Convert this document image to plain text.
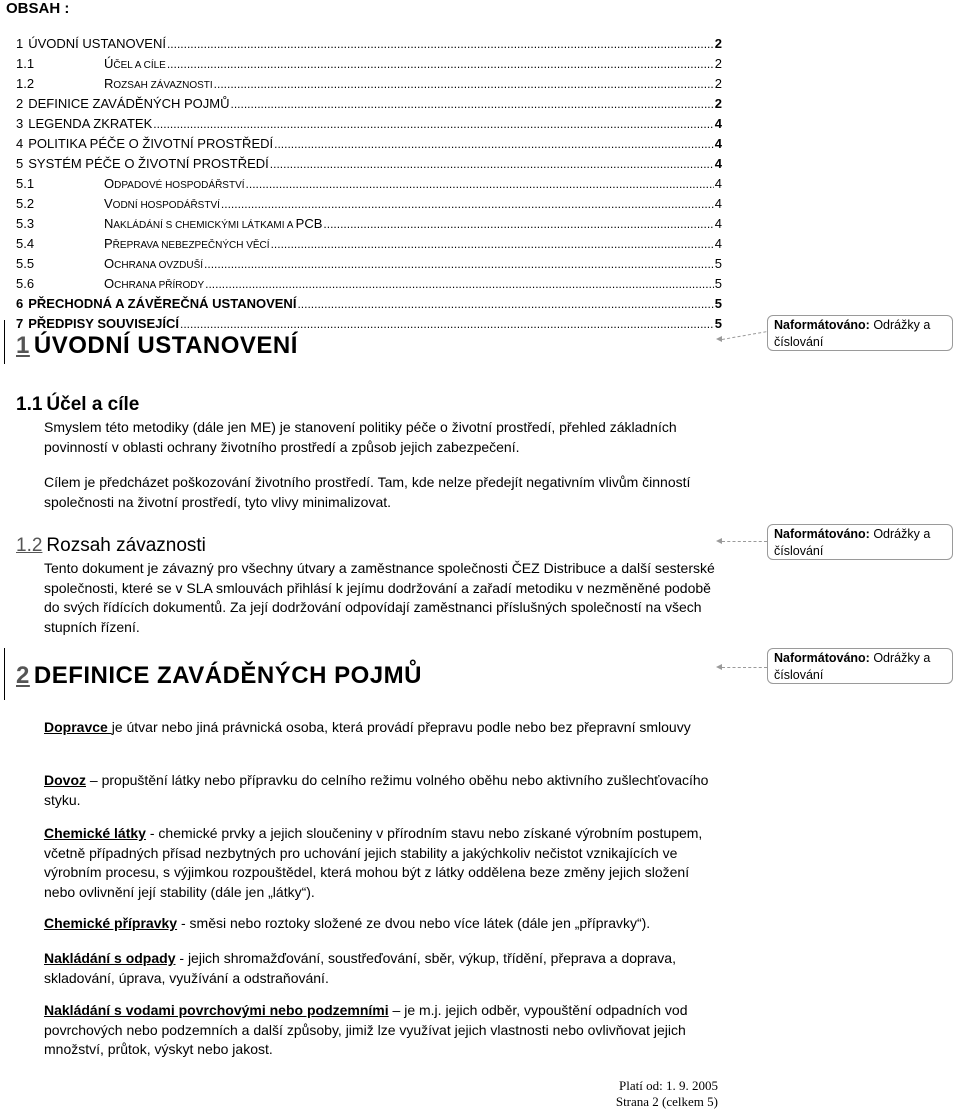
OBSAH :
1 ÚVODNÍ USTANOVENÍ .....	2
1.1	ÚČEL A CÍLE .....	2
1.2	ROZSAH ZÁVAZNOSTI .....	2
2 DEFINICE ZAVÁDĚNÝCH POJMŮ .....	2
3 LEGENDA ZKRATEK .....	4
4 POLITIKA PÉČE O ŽIVOTNÍ PROSTŘEDÍ .....	4
5 SYSTÉM PÉČE O ŽIVOTNÍ PROSTŘEDÍ .....	4
5.1	ODPADOVÉ HOSPODÁŘSTVÍ .....	4
5.2	VODNÍ HOSPODÁŘSTVÍ .....	4
5.3	NAKLÁDÁNÍ S CHEMICKÝMI LÁTKAMI A PCB .....	4
5.4	PŘEPRAVA NEBEZPEČNÝCH VĚCÍ .....	4
5.5	OCHRANA OVZDUŠÍ .....	5
5.6	OCHRANA PŘÍRODY .....	5
6 PŘECHODNÁ A ZÁVĚREČNÁ USTANOVENÍ .....	5
7 PŘEDPISY SOUVISEJÍCÍ .....	5
1 ÚVODNÍ USTANOVENÍ
1.1 Účel a cíle
Smyslem této metodiky (dále jen ME) je stanovení politiky péče o životní prostředí, přehled základních povinností v oblasti ochrany životního prostředí a způsob jejich zabezpečení.
Cílem je předcházet poškozování životního prostředí. Tam, kde nelze předejít negativním vlivům činností společnosti na životní prostředí, tyto vlivy minimalizovat.
1.2 Rozsah závaznosti
Tento dokument je závazný pro všechny útvary a zaměstnance společnosti ČEZ Distribuce a další sesterské společnosti, které se v SLA smlouvách přihlásí k jejímu dodržování a zařadí metodiku v nezměněné podobě do svých řídících dokumentů. Za její dodržování odpovídají zaměstnanci příslušných společností na všech stupních řízení.
2 DEFINICE ZAVÁDĚNÝCH POJMŮ
Dopravce je útvar nebo jiná právnická osoba, která provádí přepravu podle nebo bez přepravní smlouvy
Dovoz – propuštění látky nebo přípravku do celního režimu volného oběhu nebo aktivního zušlechťovacího styku.
Chemické látky - chemické prvky a jejich sloučeniny v přírodním stavu nebo získané výrobním postupem, včetně případných přísad nezbytných pro uchování jejich stability a jakýchkoliv nečistot vznikajících ve výrobním procesu, s výjimkou rozpouštědel, která mohou být z látky oddělena beze změny jejich složení nebo ovlivnění její stability (dále jen „látky“).
Chemické přípravky - směsi nebo roztoky složené ze dvou nebo více látek (dále jen „přípravky“).
Nakládání s odpady - jejich shromažďování, soustřeďování, sběr, výkup, třídění, přeprava a doprava, skladování, úprava, využívání a odstraňování.
Nakládání s vodami povrchovými nebo podzemními – je m.j. jejich odběr, vypouštění odpadních vod povrchových nebo podzemních a další způsoby, jimiž lze využívat jejich vlastnosti nebo ovlivňovat jejich množství, průtok, výskyt nebo jakost.
Naformátováno: Odrážky a číslování
Naformátováno: Odrážky a číslování
Naformátováno: Odrážky a číslování
Platí od: 1. 9. 2005
Strana 2 (celkem 5)
